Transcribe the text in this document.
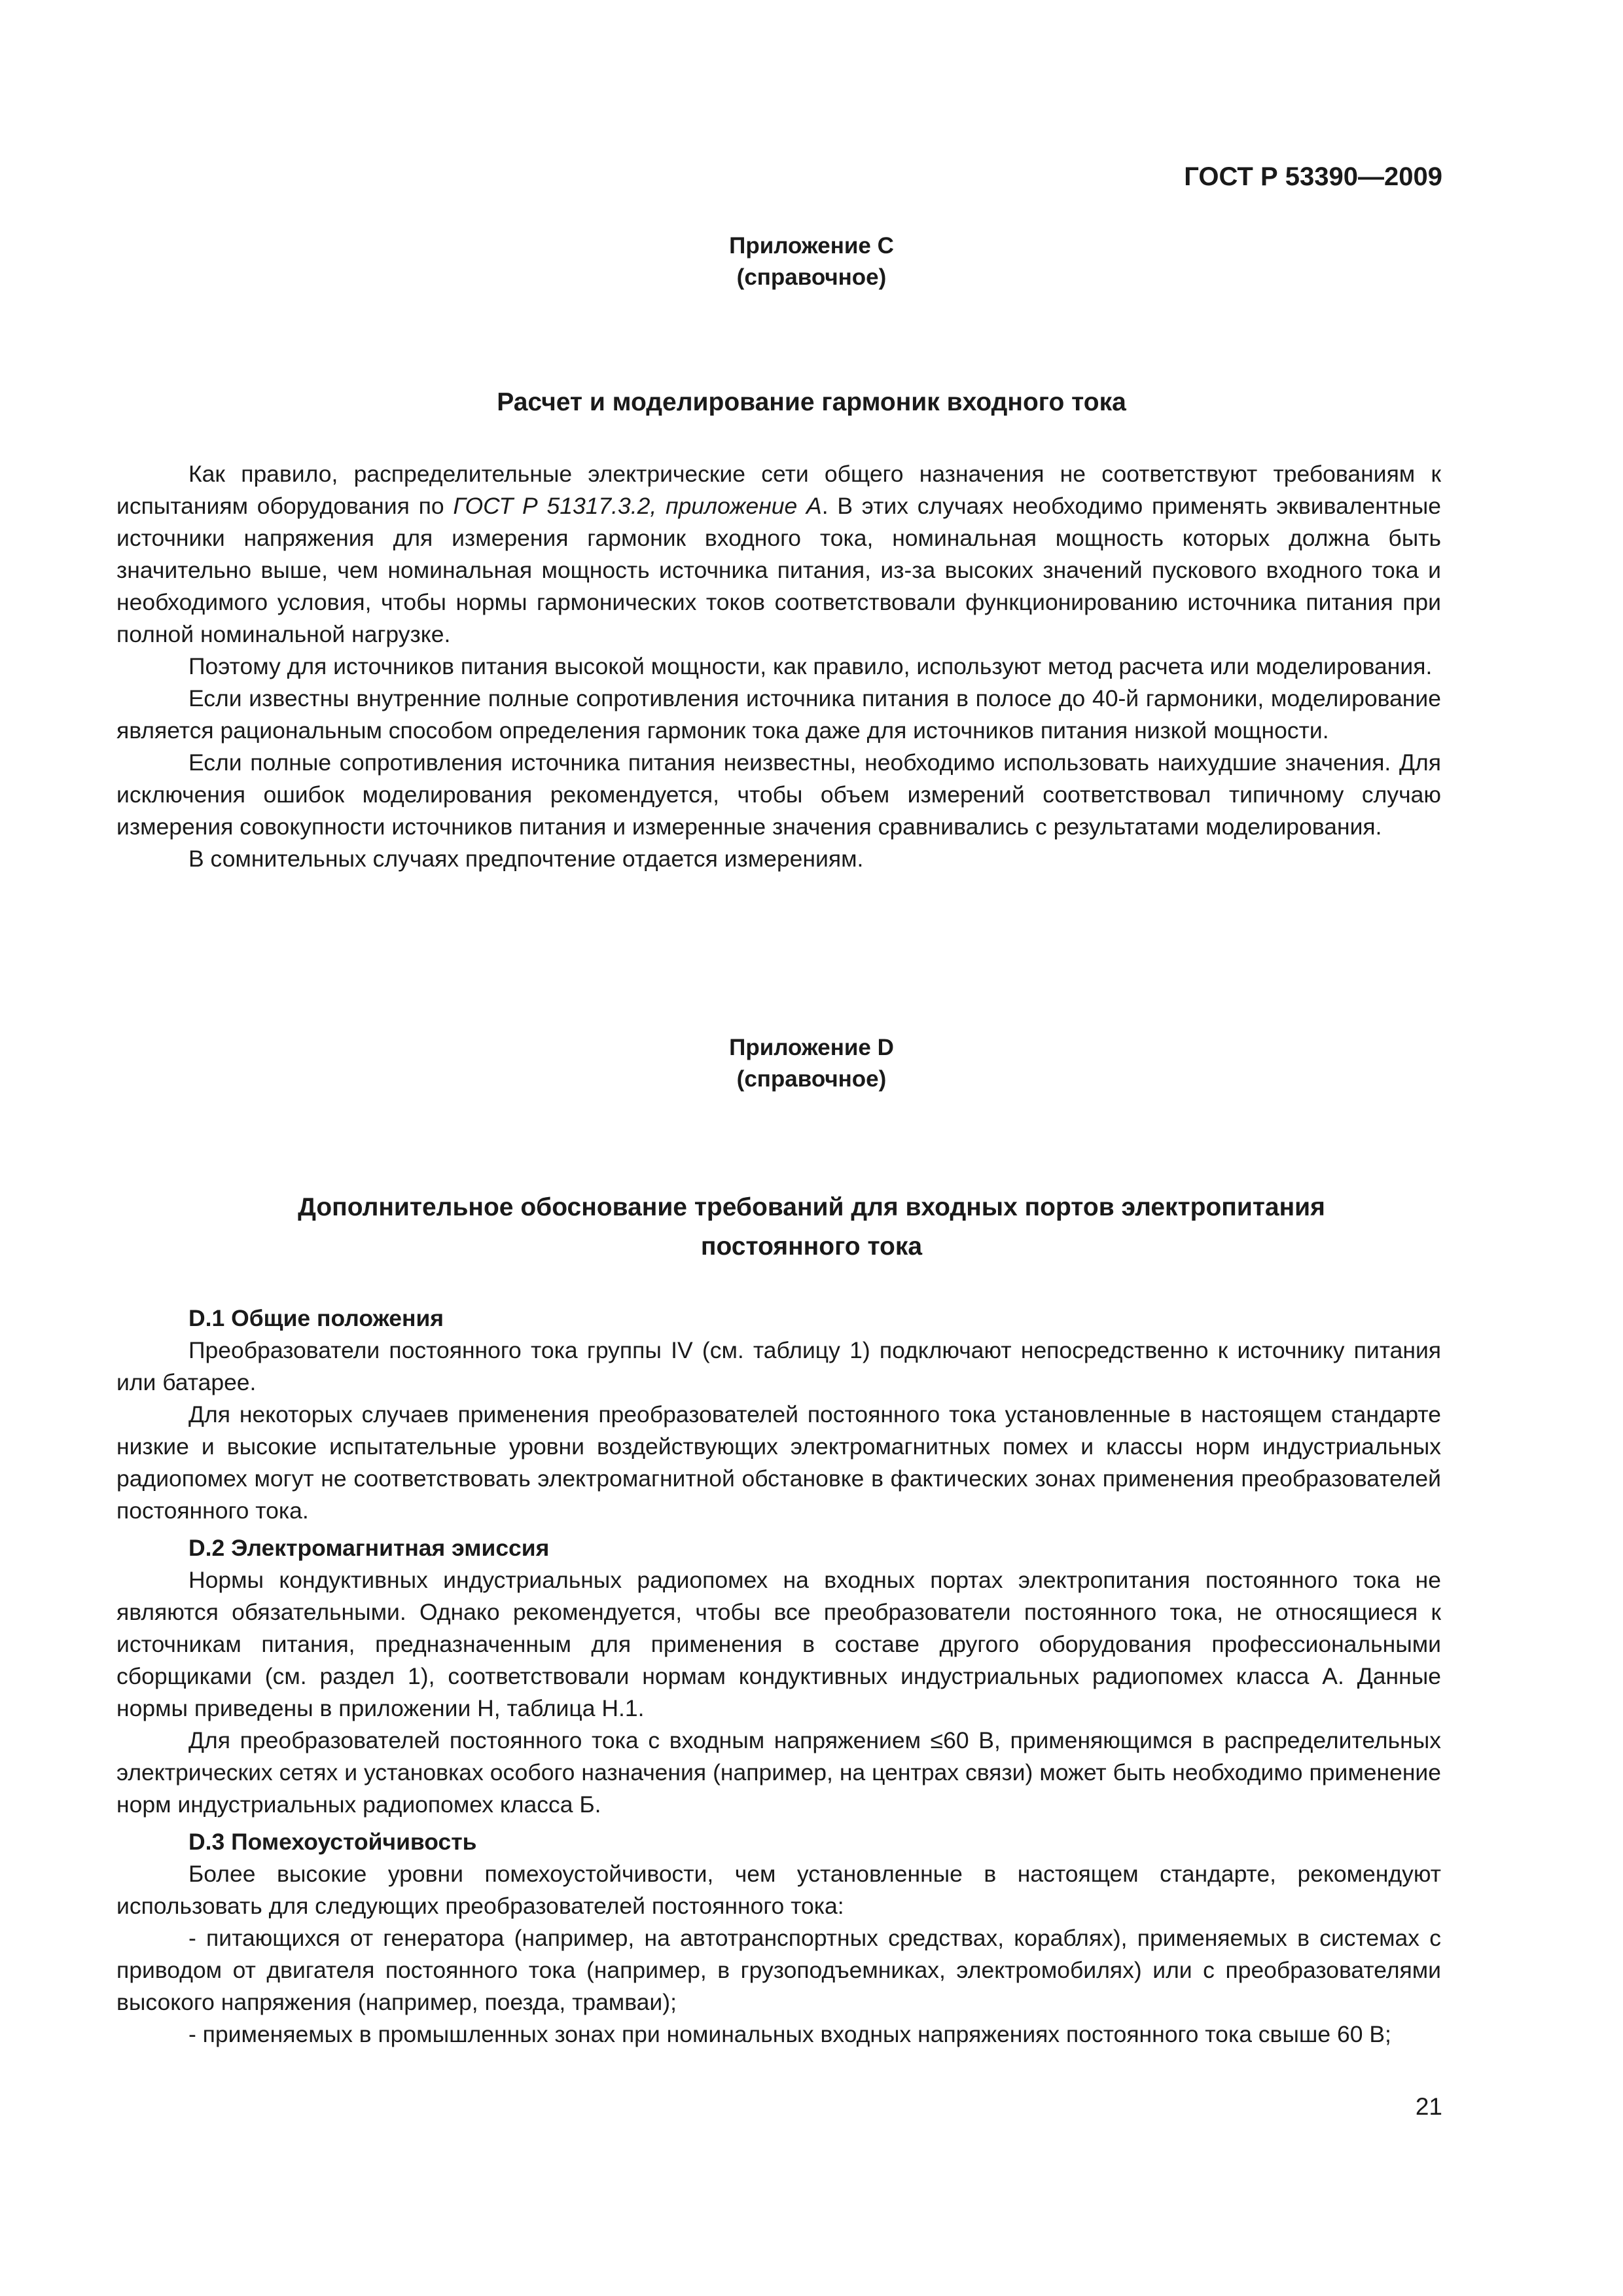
ГОСТ Р 53390—2009
Приложение С
(справочное)
Расчет и моделирование гармоник входного тока

Как правило, распределительные электрические сети общего назначения не соответствуют требованиям к испытаниям оборудования по ГОСТ Р 51317.3.2, приложение А. В этих случаях необходимо применять эквивалентные источники напряжения для измерения гармоник входного тока, номинальная мощность которых должна быть значительно выше, чем номинальная мощность источника питания, из-за высоких значений пускового входного тока и необходимого условия, чтобы нормы гармонических токов соответствовали функционированию источника питания при полной номинальной нагрузке.

Поэтому для источников питания высокой мощности, как правило, используют метод расчета или моделирования.

Если известны внутренние полные сопротивления источника питания в полосе до 40-й гармоники, моделирование является рациональным способом определения гармоник тока даже для источников питания низкой мощности.

Если полные сопротивления источника питания неизвестны, необходимо использовать наихудшие значения. Для исключения ошибок моделирования рекомендуется, чтобы объем измерений соответствовал типичному случаю измерения совокупности источников питания и измеренные значения сравнивались с результатами моделирования.

В сомнительных случаях предпочтение отдается измерениям.

Приложение D
(справочное)
Дополнительное обоснование требований для входных портов электропитания
постоянного тока
D.1 Общие положения

Преобразователи постоянного тока группы IV (см. таблицу 1) подключают непосредственно к источнику питания или батарее.

Для некоторых случаев применения преобразователей постоянного тока установленные в настоящем стандарте низкие и высокие испытательные уровни воздействующих электромагнитных помех и классы норм индустриальных радиопомех могут не соответствовать электромагнитной обстановке в фактических зонах применения преобразователей постоянного тока.

D.2 Электромагнитная эмиссия

Нормы кондуктивных индустриальных радиопомех на входных портах электропитания постоянного тока не являются обязательными. Однако рекомендуется, чтобы все преобразователи постоянного тока, не относящиеся к источникам питания, предназначенным для применения в составе другого оборудования профессиональными сборщиками (см. раздел 1), соответствовали нормам кондуктивных индустриальных радиопомех класса А. Данные нормы приведены в приложении Н, таблица Н.1.

Для преобразователей постоянного тока с входным напряжением ≤60 В, применяющимся в распределительных электрических сетях и установках особого назначения (например, на центрах связи) может быть необходимо применение норм индустриальных радиопомех класса Б.

D.3 Помехоустойчивость

Более высокие уровни помехоустойчивости, чем установленные в настоящем стандарте, рекомендуют использовать для следующих преобразователей постоянного тока:

- питающихся от генератора (например, на автотранспортных средствах, кораблях), применяемых в системах с приводом от двигателя постоянного тока (например, в грузоподъемниках, электромобилях) или с преобразователями высокого напряжения (например, поезда, трамваи);

- применяемых в промышленных зонах при номинальных входных напряжениях постоянного тока свыше 60 В;

21
